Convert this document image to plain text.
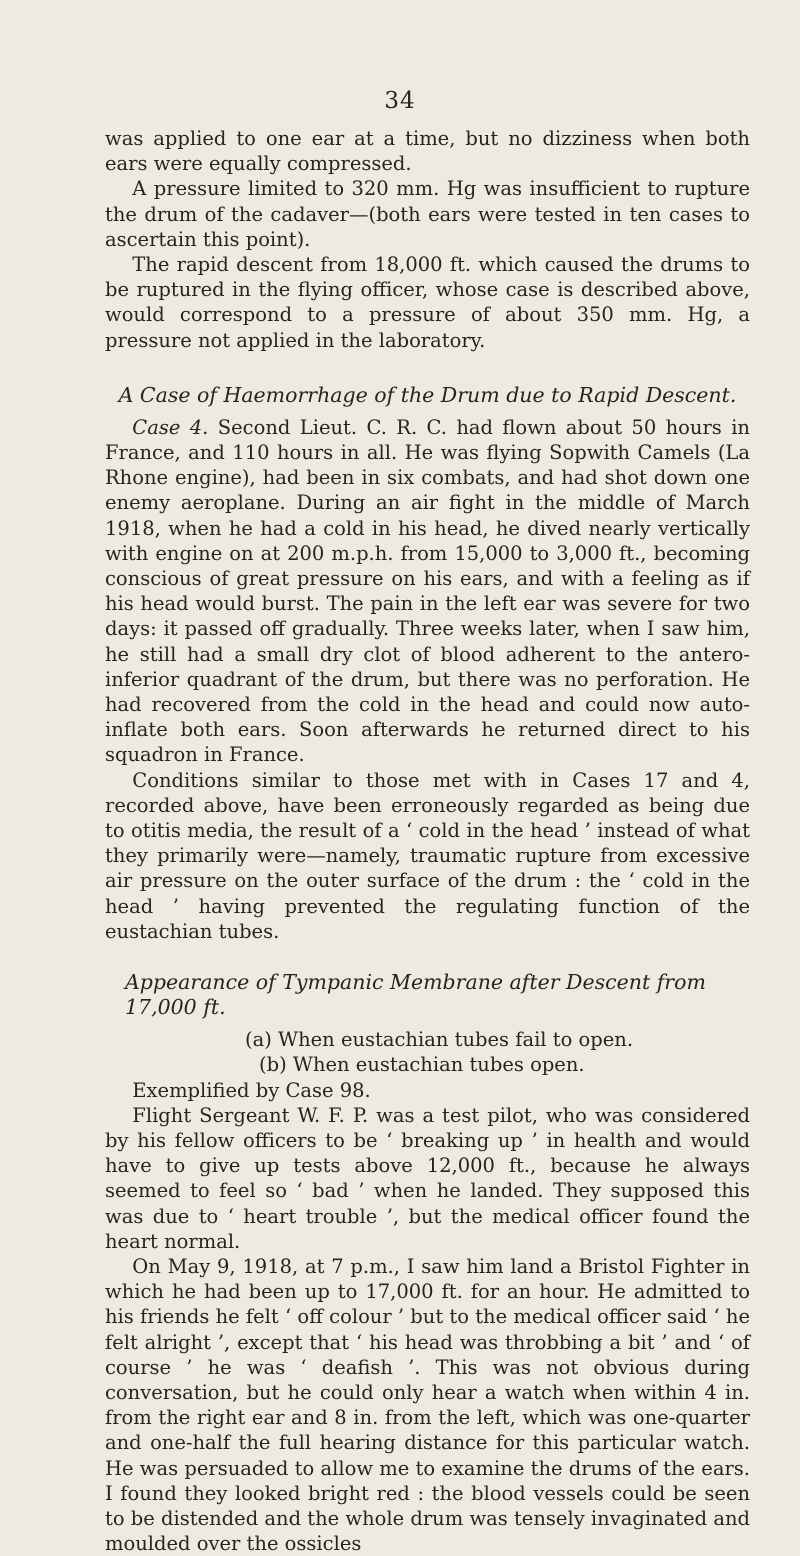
34

was applied to one ear at a time, but no dizziness when both ears were equally compressed.

A pressure limited to 320 mm. Hg was insufficient to rupture the drum of the cadaver—(both ears were tested in ten cases to ascertain this point).

The rapid descent from 18,000 ft. which caused the drums to be ruptured in the flying officer, whose case is described above, would correspond to a pressure of about 350 mm. Hg, a pressure not applied in the laboratory.

A Case of Haemorrhage of the Drum due to Rapid Descent.

Case 4. Second Lieut. C. R. C. had flown about 50 hours in France, and 110 hours in all. He was flying Sopwith Camels (La Rhone engine), had been in six combats, and had shot down one enemy aeroplane. During an air fight in the middle of March 1918, when he had a cold in his head, he dived nearly vertically with engine on at 200 m.p.h. from 15,000 to 3,000 ft., becoming conscious of great pressure on his ears, and with a feeling as if his head would burst. The pain in the left ear was severe for two days: it passed off gradually. Three weeks later, when I saw him, he still had a small dry clot of blood adherent to the antero-inferior quadrant of the drum, but there was no perforation. He had recovered from the cold in the head and could now auto-inflate both ears. Soon afterwards he returned direct to his squadron in France.

Conditions similar to those met with in Cases 17 and 4, recorded above, have been erroneously regarded as being due to otitis media, the result of a ‘ cold in the head ’ instead of what they primarily were—namely, traumatic rupture from excessive air pressure on the outer surface of the drum : the ‘ cold in the head ’ having prevented the regulating function of the eustachian tubes.

Appearance of Tympanic Membrane after Descent from 17,000 ft.
(a) When eustachian tubes fail to open.
(b) When eustachian tubes open.

Exemplified by Case 98.

Flight Sergeant W. F. P. was a test pilot, who was considered by his fellow officers to be ‘ breaking up ’ in health and would have to give up tests above 12,000 ft., because he always seemed to feel so ‘ bad ’ when he landed. They supposed this was due to ‘ heart trouble ’, but the medical officer found the heart normal.

On May 9, 1918, at 7 p.m., I saw him land a Bristol Fighter in which he had been up to 17,000 ft. for an hour. He admitted to his friends he felt ‘ off colour ’ but to the medical officer said ‘ he felt alright ’, except that ‘ his head was throbbing a bit ’ and ‘ of course ’ he was ‘ deafish ’. This was not obvious during conversation, but he could only hear a watch when within 4 in. from the right ear and 8 in. from the left, which was one-quarter and one-half the full hearing distance for this particular watch. He was persuaded to allow me to examine the drums of the ears. I found they looked bright red : the blood vessels could be seen to be distended and the whole drum was tensely invaginated and moulded over the ossicles
